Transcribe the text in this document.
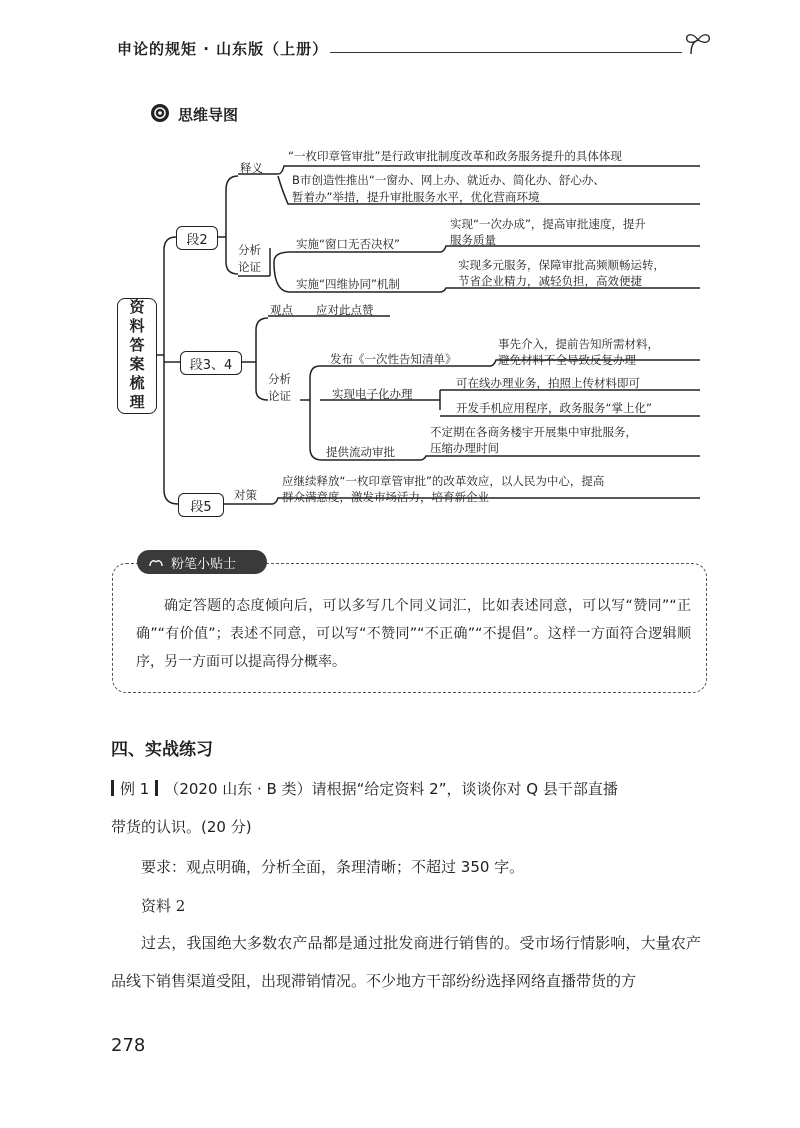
申论的规矩 · 山东版（上册）
思维导图
资料答案梳理
段2
段3、4
段5
释义
“一枚印章管审批”是行政审批制度改革和政务服务提升的具体体现
B市创造性推出“一窗办、网上办、就近办、简化办、舒心办、
暂着办”举措，提升审批服务水平，优化营商环境
分析
论证
实施“窗口无否决权”
实现“一次办成”，提高审批速度，提升
服务质量
实施“四维协同”机制
实现多元服务，保障审批高频顺畅运转，
节省企业精力，减轻负担，高效便捷
观点 应对此点赞
分析
论证
发布《一次性告知清单》
事先介入，提前告知所需材料，
避免材料不全导致反复办理
实现电子化办理
可在线办理业务，拍照上传材料即可
开发手机应用程序，政务服务“掌上化”
提供流动审批
不定期在各商务楼宇开展集中审批服务，
压缩办理时间
对策
应继续释放“一枚印章管审批”的改革效应，以人民为中心，提高
群众满意度，激发市场活力，培育新企业
粉笔小贴士
确定答题的态度倾向后，可以多写几个同义词汇，比如表述同意，可以写“赞同”“正确”“有价值”；表述不同意，可以写“不赞同”“不正确”“不提倡”。这样一方面符合逻辑顺序，另一方面可以提高得分概率。
四、实战练习
例 1 （2020 山东 · B 类）请根据“给定资料 2”，谈谈你对 Q 县干部直播
带货的认识。(20 分)
要求：观点明确，分析全面，条理清晰；不超过 350 字。
资料 2
过去，我国绝大多数农产品都是通过批发商进行销售的。受市场行情影响，大量农产品线下销售渠道受阻，出现滞销情况。不少地方干部纷纷选择网络直播带货的方
278
